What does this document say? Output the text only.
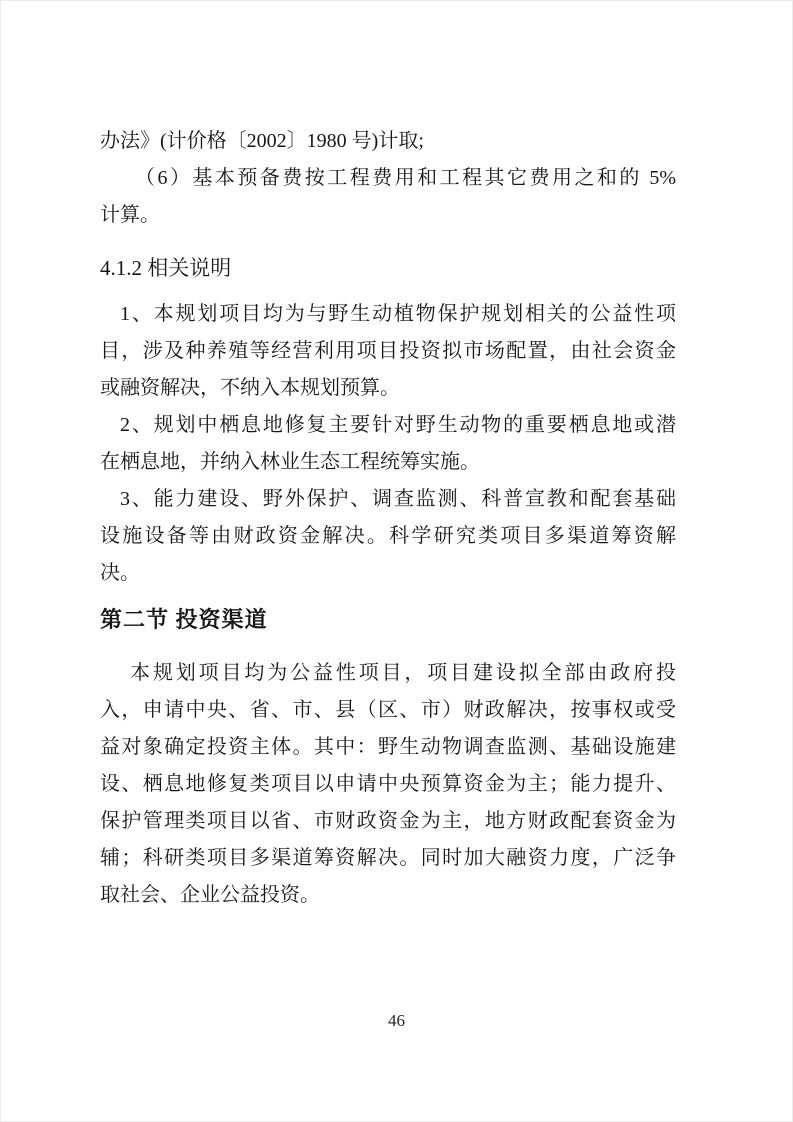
办法》(计价格〔2002〕1980 号)计取;
（6）基本预备费按工程费用和工程其它费用之和的 5%
计算。
4.1.2 相关说明
1、本规划项目均为与野生动植物保护规划相关的公益性项
目，涉及种养殖等经营利用项目投资拟市场配置，由社会资金
或融资解决，不纳入本规划预算。
2、规划中栖息地修复主要针对野生动物的重要栖息地或潜
在栖息地，并纳入林业生态工程统筹实施。
3、能力建设、野外保护、调查监测、科普宣教和配套基础
设施设备等由财政资金解决。科学研究类项目多渠道筹资解
决。
第二节 投资渠道
本规划项目均为公益性项目，项目建设拟全部由政府投
入，申请中央、省、市、县（区、市）财政解决，按事权或受
益对象确定投资主体。其中：野生动物调查监测、基础设施建
设、栖息地修复类项目以申请中央预算资金为主；能力提升、
保护管理类项目以省、市财政资金为主，地方财政配套资金为
辅；科研类项目多渠道筹资解决。同时加大融资力度，广泛争
取社会、企业公益投资。
46
